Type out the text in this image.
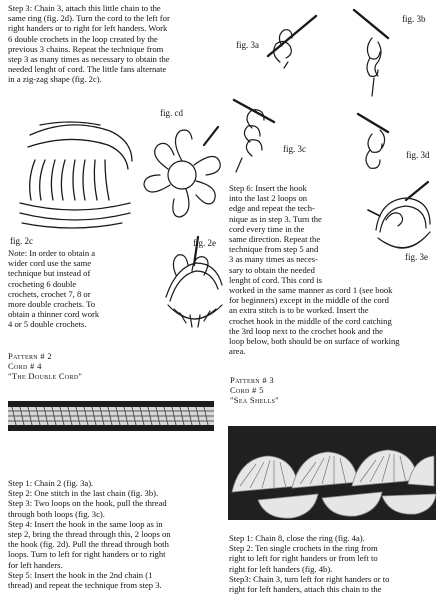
Step 3: Chain 3, attach this little chain to the
same ring (fig. 2d). Turn the cord to the left for
right handers or to right for left handers. Work
6 double crochets in the loop created by the
previous 3 chains. Repeat the technique from
step 3 as many times as necessary to obtain the
needed lenght of cord. The little fans alternate
in a zig-zag shape (fig. 2c).
fig. cd
fig. 2c
Note: In order to obtain a
wider cord use the same
technique but instead of
crocheting 6 double
crochets, crochet 7, 8 or
more double crochets. To
obtain a thinner cord work
4 or 5 double crochets.
fig. 2e
Pattern # 2
Cord # 4
"The Double Cord"
Step 1: Chain 2 (fig. 3a).
Step 2: One stitch in the last chain (fig. 3b).
Step 3: Two loops on the hook, pull the thread
through both loops (fig. 3c).
Step 4: Insert the hook in the same loop as in
step 2, bring the thread through this, 2 loops on
the hook (fig. 2d). Pull the thread through both
loops. Turn to left for right handers or to right
for left handers.
Step 5: Insert the hook in the 2nd chain (1
thread) and repeat the technique from step 3.
fig. 3a
fig. 3b
fig. 3c
fig. 3d
Step 6: Insert the hook
into the last 2 loops on
edge and repeat the tech-
nique as in step 3. Turn the
cord every time in the
same direction. Repeat the
technique from step 5 and
3 as many times as neces-
sary to obtain the needed
lenght of cord. This cord is
fig. 3e
worked in the same manner as cord 1 (see book
for beginners) except in the middle of the cord
an extra stitch is to be worked. Insert the
crochet hook in the middle of the cord catching
the 3rd loop next to the crochet hook and the
loop below, both should be on surface of working
area.
Pattern # 3
Cord # 5
"Sea Shells"
Step 1: Chain 8, close the ring (fig. 4a).
Step 2: Ten single crochets in the ring from
right to left for right handers or from left to
right for left handers (fig. 4b).
Step3: Chain 3, turn left for right handers or to
right for left handers, attach this chain to the
